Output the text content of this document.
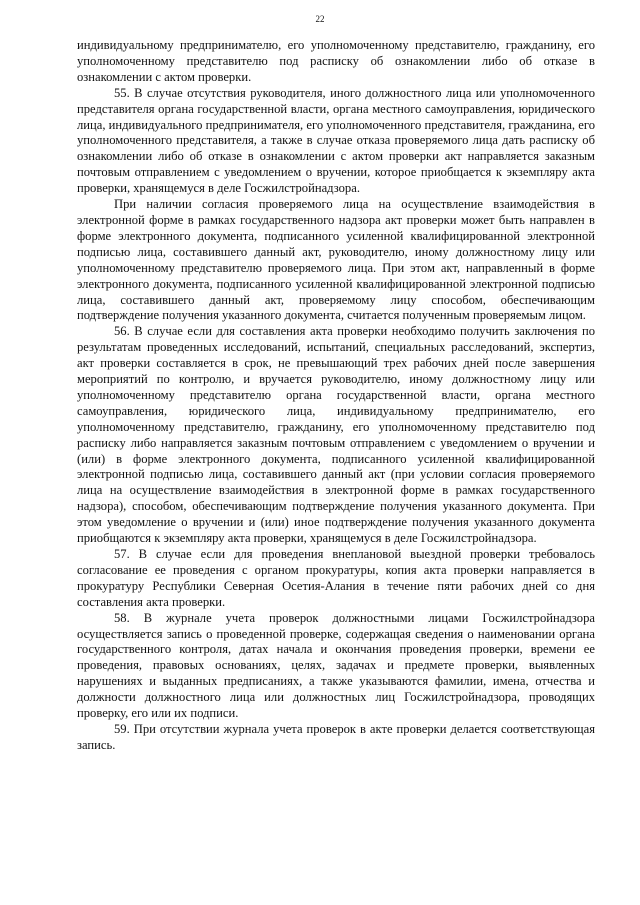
22

индивидуальному предпринимателю, его уполномоченному представителю, гражданину, его уполномоченному представителю под расписку об ознакомлении либо об отказе в ознакомлении с актом проверки.

55. В случае отсутствия руководителя, иного должностного лица или уполномоченного представителя органа государственной власти, органа местного самоуправления, юридического лица, индивидуального предпринимателя, его уполномоченного представителя, гражданина, его уполномоченного представителя, а также в случае отказа проверяемого лица дать расписку об ознакомлении либо об отказе в ознакомлении с актом проверки акт направляется заказным почтовым отправлением с уведомлением о вручении, которое приобщается к экземпляру акта проверки, хранящемуся в деле Госжилстройнадзора.

При наличии согласия проверяемого лица на осуществление взаимодействия в электронной форме в рамках государственного надзора акт проверки может быть направлен в форме электронного документа, подписанного усиленной квалифицированной электронной подписью лица, составившего данный акт, руководителю, иному должностному лицу или уполномоченному представителю проверяемого лица. При этом акт, направленный в форме электронного документа, подписанного усиленной квалифицированной электронной подписью лица, составившего данный акт, проверяемому лицу способом, обеспечивающим подтверждение получения указанного документа, считается полученным проверяемым лицом.

56. В случае если для составления акта проверки необходимо получить заключения по результатам проведенных исследований, испытаний, специальных расследований, экспертиз, акт проверки составляется в срок, не превышающий трех рабочих дней после завершения мероприятий по контролю, и вручается руководителю, иному должностному лицу или уполномоченному представителю органа государственной власти, органа местного самоуправления, юридического лица, индивидуальному предпринимателю, его уполномоченному представителю, гражданину, его уполномоченному представителю под расписку либо направляется заказным почтовым отправлением с уведомлением о вручении и (или) в форме электронного документа, подписанного усиленной квалифицированной электронной подписью лица, составившего данный акт (при условии согласия проверяемого лица на осуществление взаимодействия в электронной форме в рамках государственного надзора), способом, обеспечивающим подтверждение получения указанного документа. При этом уведомление о вручении и (или) иное подтверждение получения указанного документа приобщаются к экземпляру акта проверки, хранящемуся в деле Госжилстройнадзора.

57. В случае если для проведения внеплановой выездной проверки требовалось согласование ее проведения с органом прокуратуры, копия акта проверки направляется в прокуратуру Республики Северная Осетия-Алания в течение пяти рабочих дней со дня составления акта проверки.

58. В журнале учета проверок должностными лицами Госжилстройнадзора осуществляется запись о проведенной проверке, содержащая сведения о наименовании органа государственного контроля, датах начала и окончания проведения проверки, времени ее проведения, правовых основаниях, целях, задачах и предмете проверки, выявленных нарушениях и выданных предписаниях, а также указываются фамилии, имена, отчества и должности должностного лица или должностных лиц Госжилстройнадзора, проводящих проверку, его или их подписи.

59. При отсутствии журнала учета проверок в акте проверки делается соответствующая запись.
